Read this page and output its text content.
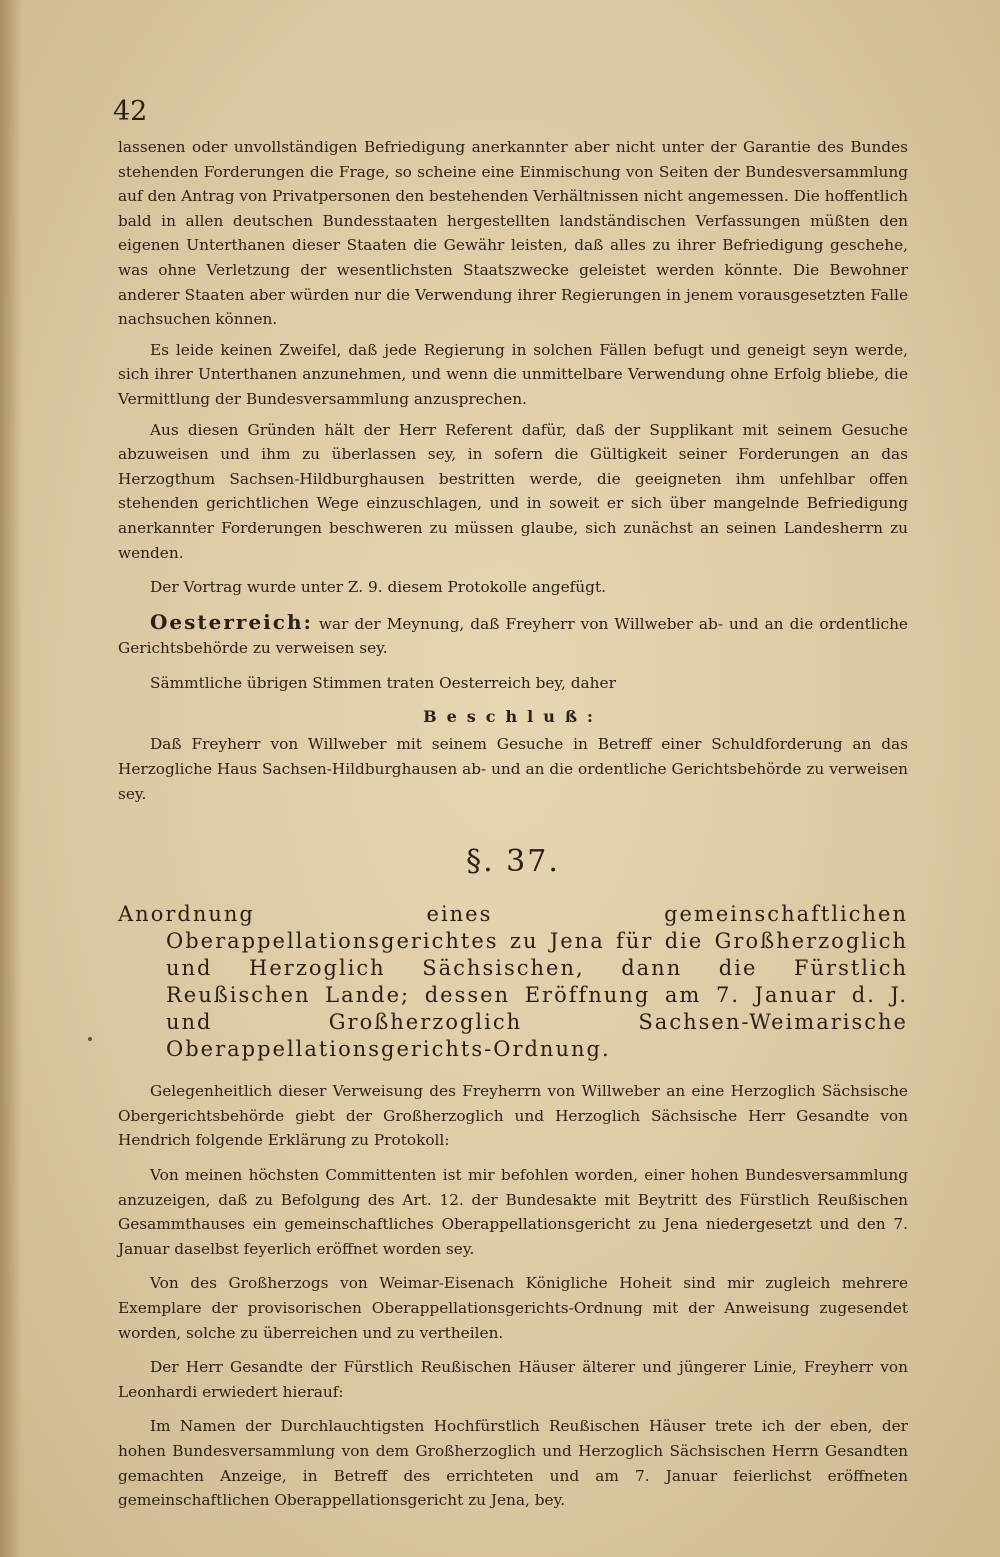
42

lassenen oder unvollständigen Befriedigung anerkannter aber nicht unter der Garantie des Bundes stehenden Forderungen die Frage, so scheine eine Einmischung von Seiten der Bundesversammlung auf den Antrag von Privatpersonen den bestehenden Verhältnissen nicht angemessen. Die hoffentlich bald in allen deutschen Bundesstaaten hergestellten landständischen Verfassungen müßten den eigenen Unterthanen dieser Staaten die Gewähr leisten, daß alles zu ihrer Befriedigung geschehe, was ohne Verletzung der wesentlichsten Staatszwecke geleistet werden könnte. Die Bewohner anderer Staaten aber würden nur die Verwendung ihrer Regierungen in jenem vorausgesetzten Falle nachsuchen können.

Es leide keinen Zweifel, daß jede Regierung in solchen Fällen befugt und geneigt seyn werde, sich ihrer Unterthanen anzunehmen, und wenn die unmittelbare Verwendung ohne Erfolg bliebe, die Vermittlung der Bundesversammlung anzusprechen.

Aus diesen Gründen hält der Herr Referent dafür, daß der Supplikant mit seinem Gesuche abzuweisen und ihm zu überlassen sey, in sofern die Gültigkeit seiner Forderungen an das Herzogthum Sachsen-Hildburghausen bestritten werde, die geeigneten ihm unfehlbar offen stehenden gerichtlichen Wege einzuschlagen, und in soweit er sich über mangelnde Befriedigung anerkannter Forderungen beschweren zu müssen glaube, sich zunächst an seinen Landesherrn zu wenden.

Der Vortrag wurde unter Z. 9. diesem Protokolle angefügt.

Oesterreich: war der Meynung, daß Freyherr von Willweber ab- und an die ordentliche Gerichtsbehörde zu verweisen sey.

Sämmtliche übrigen Stimmen traten Oesterreich bey, daher

Beschluß:

Daß Freyherr von Willweber mit seinem Gesuche in Betreff einer Schuldforderung an das Herzogliche Haus Sachsen-Hildburghausen ab- und an die ordentliche Gerichtsbehörde zu verweisen sey.

§. 37.

Anordnung eines gemeinschaftlichen Oberappellationsgerichtes zu Jena für die Großherzoglich und Herzoglich Sächsischen, dann die Fürstlich Reußischen Lande; dessen Eröffnung am 7. Januar d. J. und Großherzoglich Sachsen-Weimarische Oberappellationsgerichts-Ordnung.

Gelegenheitlich dieser Verweisung des Freyherrn von Willweber an eine Herzoglich Sächsische Obergerichtsbehörde giebt der Großherzoglich und Herzoglich Sächsische Herr Gesandte von Hendrich folgende Erklärung zu Protokoll:

Von meinen höchsten Committenten ist mir befohlen worden, einer hohen Bundesversammlung anzuzeigen, daß zu Befolgung des Art. 12. der Bundesakte mit Beytritt des Fürstlich Reußischen Gesammthauses ein gemeinschaftliches Oberappellationsgericht zu Jena niedergesetzt und den 7. Januar daselbst feyerlich eröffnet worden sey.

Von des Großherzogs von Weimar-Eisenach Königliche Hoheit sind mir zugleich mehrere Exemplare der provisorischen Oberappellationsgerichts-Ordnung mit der Anweisung zugesendet worden, solche zu überreichen und zu vertheilen.

Der Herr Gesandte der Fürstlich Reußischen Häuser älterer und jüngerer Linie, Freyherr von Leonhardi erwiedert hierauf:

Im Namen der Durchlauchtigsten Hochfürstlich Reußischen Häuser trete ich der eben, der hohen Bundesversammlung von dem Großherzoglich und Herzoglich Sächsischen Herrn Gesandten gemachten Anzeige, in Betreff des errichteten und am 7. Januar feierlichst eröffneten gemeinschaftlichen Oberappellationsgericht zu Jena, bey.
